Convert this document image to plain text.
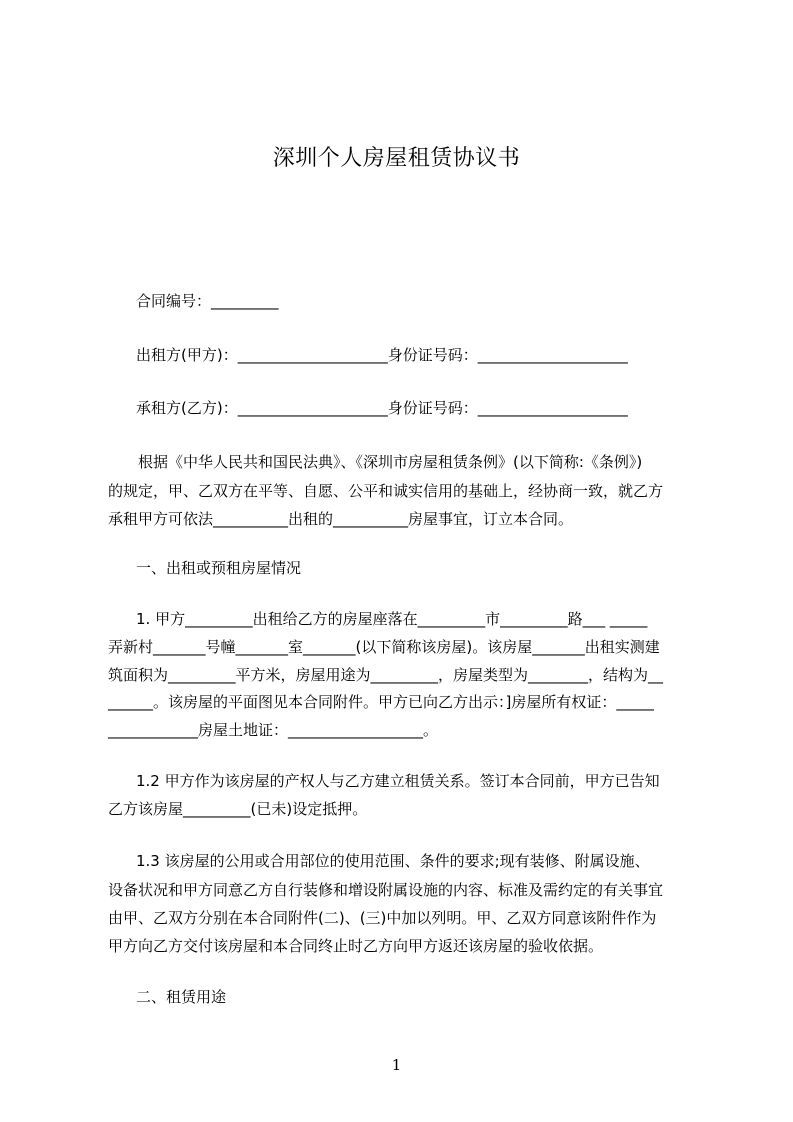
深圳个人房屋租赁协议书

合同编号：_________

出租方(甲方)：____________________身份证号码：____________________

承租方(乙方)：____________________身份证号码：____________________

根据《中华人民共和国民法典》、《深圳市房屋租赁条例》(以下简称:《条例》)

的规定，甲、乙双方在平等、自愿、公平和诚实信用的基础上，经协商一致，就乙方

承租甲方可依法__________出租的__________房屋事宜，订立本合同。

一、出租或预租房屋情况

1. 甲方_________出租给乙方的房屋座落在_________市_________路___ _____

弄新村_______号幢_______室_______(以下简称该房屋)。该房屋_______出租实测建

筑面积为_________平方米，房屋用途为_________，房屋类型为________，结构为__

______。该房屋的平面图见本合同附件。甲方已向乙方出示：]房屋所有权证：_____

____________房屋土地证：__________________。

1.2 甲方作为该房屋的产权人与乙方建立租赁关系。签订本合同前，甲方已告知

乙方该房屋_________(已未)设定抵押。

1.3 该房屋的公用或合用部位的使用范围、条件的要求;现有装修、附属设施、

设备状况和甲方同意乙方自行装修和增设附属设施的内容、标准及需约定的有关事宜

由甲、乙双方分别在本合同附件(二)、(三)中加以列明。甲、乙双方同意该附件作为

甲方向乙方交付该房屋和本合同终止时乙方向甲方返还该房屋的验收依据。

二、租赁用途

1
